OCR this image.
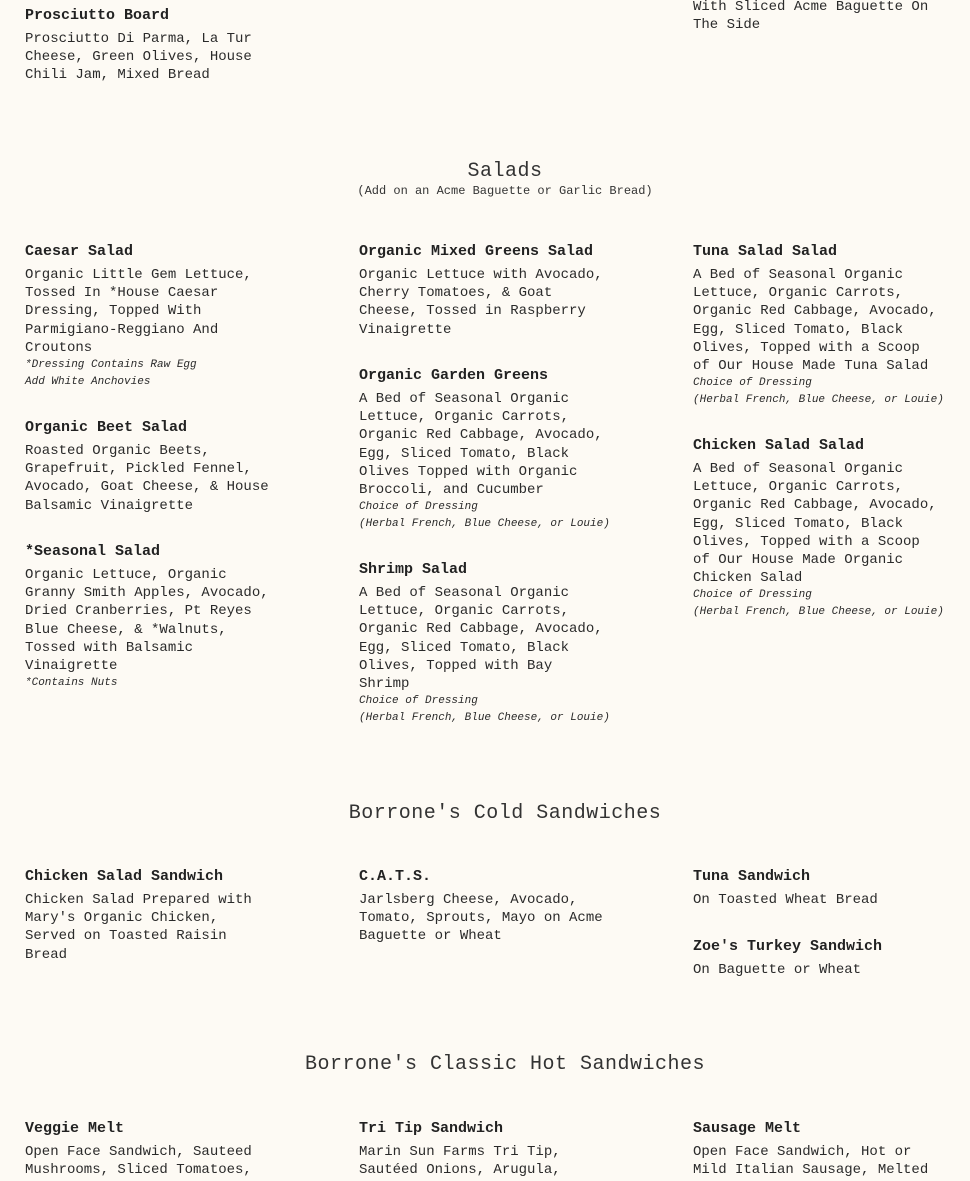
Prosciutto Board
Prosciutto Di Parma, La Tur
Cheese, Green Olives, House
Chili Jam, Mixed Bread
With Sliced Acme Baguette On
The Side
Salads
(Add on an Acme Baguette or Garlic Bread)
Caesar Salad
Organic Little Gem Lettuce,
Tossed In *House Caesar
Dressing, Topped With
Parmigiano-Reggiano And
Croutons
*Dressing Contains Raw Egg
Add White Anchovies
Organic Beet Salad
Roasted Organic Beets,
Grapefruit, Pickled Fennel,
Avocado, Goat Cheese, & House
Balsamic Vinaigrette
*Seasonal Salad
Organic Lettuce, Organic
Granny Smith Apples, Avocado,
Dried Cranberries, Pt Reyes
Blue Cheese, & *Walnuts,
Tossed with Balsamic
Vinaigrette
*Contains Nuts
Organic Mixed Greens Salad
Organic Lettuce with Avocado,
Cherry Tomatoes, & Goat
Cheese, Tossed in Raspberry
Vinaigrette
Organic Garden Greens
A Bed of Seasonal Organic
Lettuce, Organic Carrots,
Organic Red Cabbage, Avocado,
Egg, Sliced Tomato, Black
Olives Topped with Organic
Broccoli, and Cucumber
Choice of Dressing
(Herbal French, Blue Cheese, or Louie)
Shrimp Salad
A Bed of Seasonal Organic
Lettuce, Organic Carrots,
Organic Red Cabbage, Avocado,
Egg, Sliced Tomato, Black
Olives, Topped with Bay
Shrimp
Choice of Dressing
(Herbal French, Blue Cheese, or Louie)
Tuna Salad Salad
A Bed of Seasonal Organic
Lettuce, Organic Carrots,
Organic Red Cabbage, Avocado,
Egg, Sliced Tomato, Black
Olives, Topped with a Scoop
of Our House Made Tuna Salad
Choice of Dressing
(Herbal French, Blue Cheese, or Louie)
Chicken Salad Salad
A Bed of Seasonal Organic
Lettuce, Organic Carrots,
Organic Red Cabbage, Avocado,
Egg, Sliced Tomato, Black
Olives, Topped with a Scoop
of Our House Made Organic
Chicken Salad
Choice of Dressing
(Herbal French, Blue Cheese, or Louie)
Borrone's Cold Sandwiches
Chicken Salad Sandwich
Chicken Salad Prepared with
Mary's Organic Chicken,
Served on Toasted Raisin
Bread
C.A.T.S.
Jarlsberg Cheese, Avocado,
Tomato, Sprouts, Mayo on Acme
Baguette or Wheat
Tuna Sandwich
On Toasted Wheat Bread
Zoe's Turkey Sandwich
On Baguette or Wheat
Borrone's Classic Hot Sandwiches
Veggie Melt
Open Face Sandwich, Sauteed
Mushrooms, Sliced Tomatoes,
Tri Tip Sandwich
Marin Sun Farms Tri Tip,
Sautéed Onions, Arugula,
Sausage Melt
Open Face Sandwich, Hot or
Mild Italian Sausage, Melted
